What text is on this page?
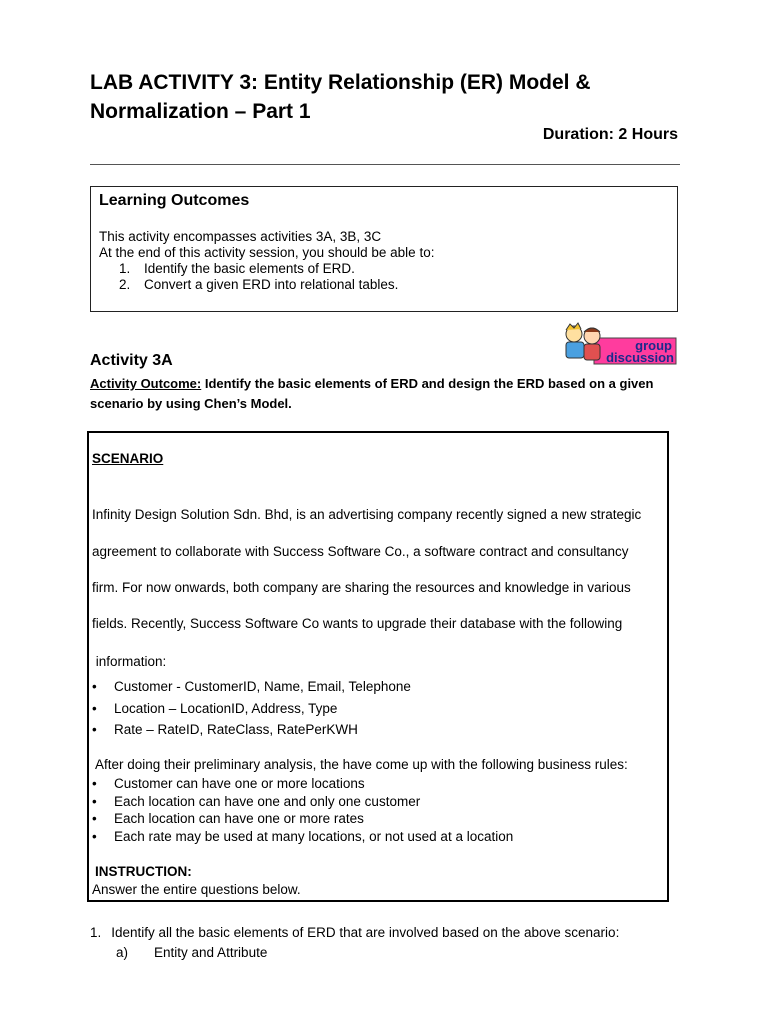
LAB ACTIVITY 3: Entity Relationship (ER) Model & Normalization – Part 1
Duration: 2 Hours
Learning Outcomes
This activity encompasses activities 3A, 3B, 3C
At the end of this activity session, you should be able to:
1.	Identify the basic elements of ERD.
2.	Convert a given ERD into relational tables.
group
discussion
Activity 3A
Activity Outcome: Identify the basic elements of ERD and design the ERD based on a given scenario by using Chen’s Model.
SCENARIO
Infinity Design Solution Sdn. Bhd, is an advertising company recently signed a new strategic
agreement to collaborate with Success Software Co., a software contract and consultancy
firm. For now onwards, both company are sharing the resources and knowledge in various
fields. Recently, Success Software Co wants to upgrade their database with the following
information:
• Customer - CustomerID, Name, Email, Telephone
• Location – LocationID, Address, Type
• Rate – RateID, RateClass, RatePerKWH
After doing their preliminary analysis, the have come up with the following business rules:
• Customer can have one or more locations
• Each location can have one and only one customer
• Each location can have one or more rates
• Each rate may be used at many locations, or not used at a location
INSTRUCTION:
Answer the entire questions below.
1. Identify all the basic elements of ERD that are involved based on the above scenario:
a) Entity and Attribute
